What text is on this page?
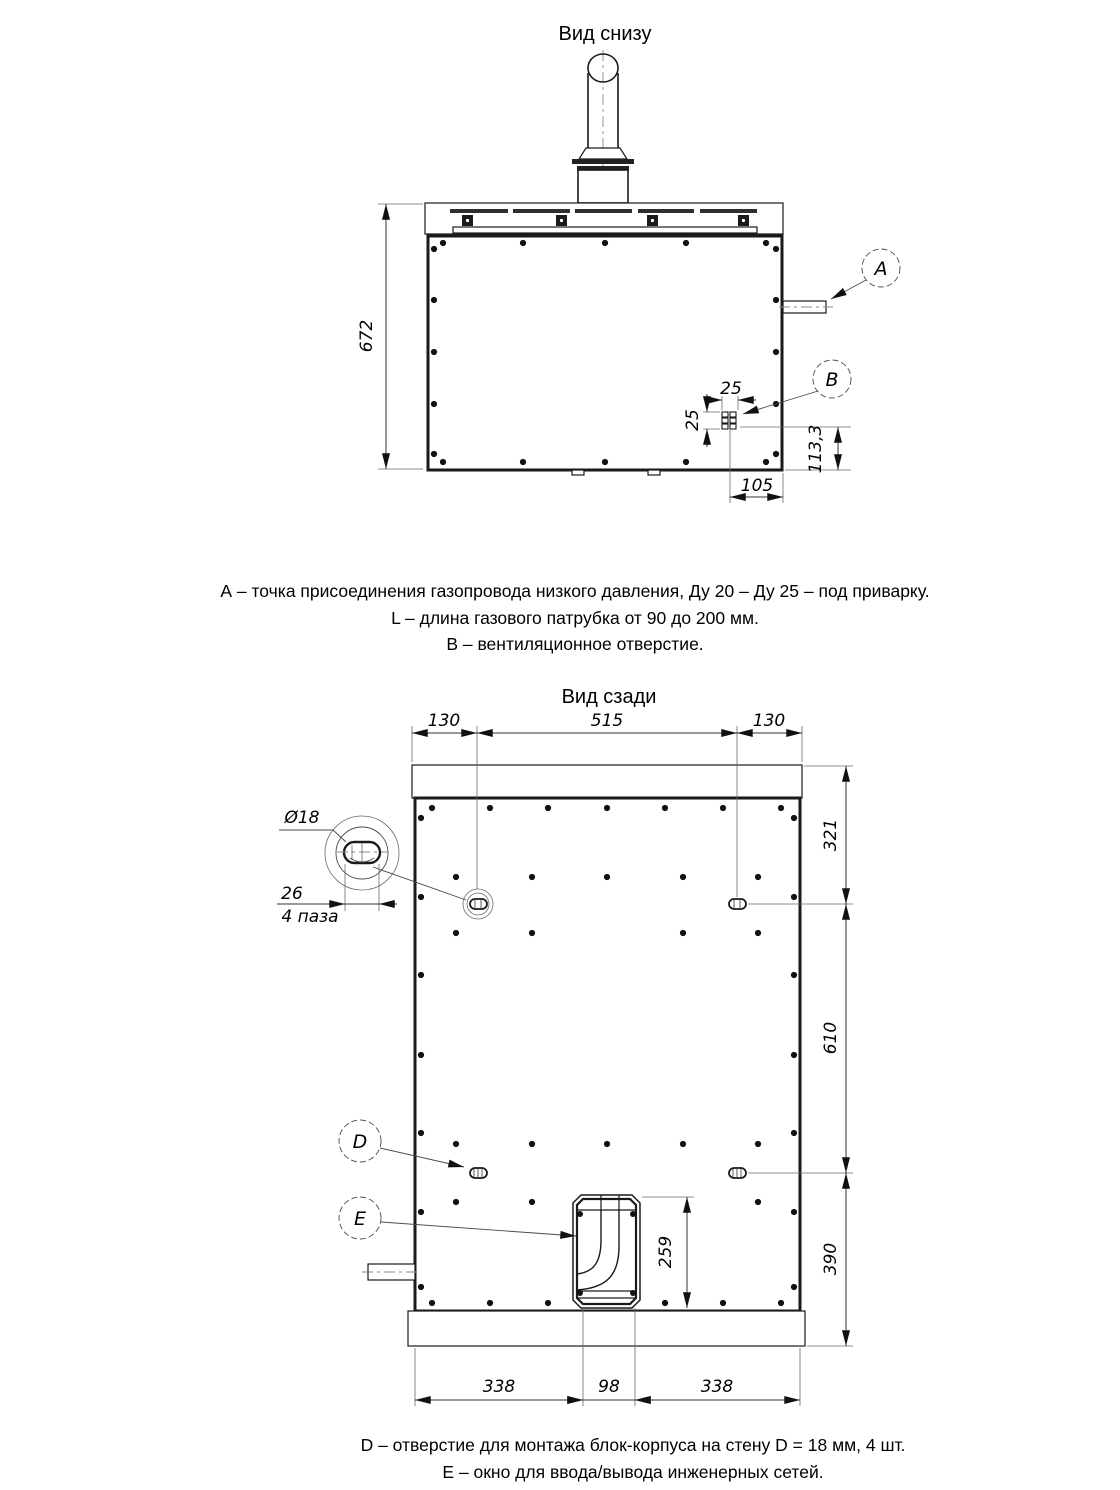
Вид снизу
672
A
B
25
25
113,3
105
А – точка присоединения газопровода низкого давления, Ду 20 – Ду 25 – под приварку.
L – длина газового патрубка от 90 до 200 мм.
В – вентиляционное отверстие.
Вид сзади
130	515	130
321
610
390
Ø18
26
4 паза
D
E
259
338	98	338
D – отверстие для монтажа блок-корпуса на стену D = 18 мм, 4 шт.
E – окно для ввода/вывода инженерных сетей.
